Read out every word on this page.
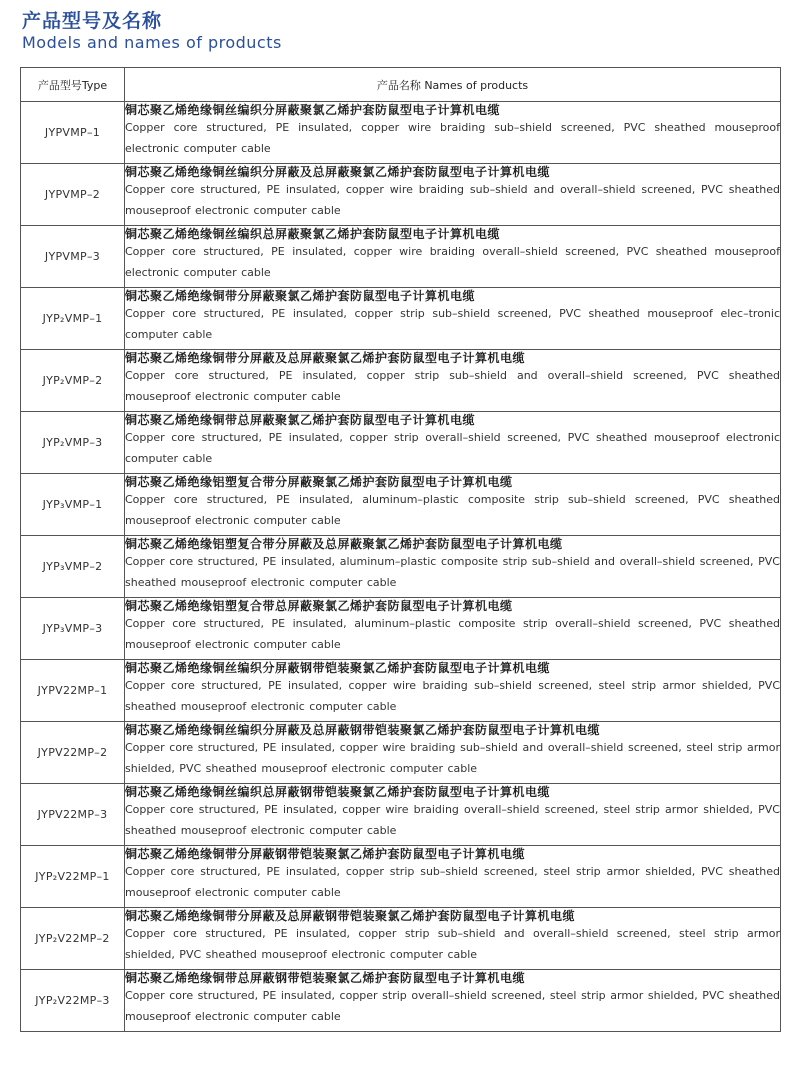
产品型号及名称
Models and names of products
产品型号Type	产品名称 Names of products
JYPVMP–1	铜芯聚乙烯绝缘铜丝编织分屏蔽聚氯乙烯护套防鼠型电子计算机电缆
Copper core structured, PE insulated, copper wire braiding sub–shield screened, PVC sheathed mouseproof electronic computer cable

JYPVMP–2	铜芯聚乙烯绝缘铜丝编织分屏蔽及总屏蔽聚氯乙烯护套防鼠型电子计算机电缆
Copper core structured, PE insulated, copper wire braiding sub–shield and overall–shield screened, PVC sheathed mouseproof electronic computer cable

JYPVMP–3	铜芯聚乙烯绝缘铜丝编织总屏蔽聚氯乙烯护套防鼠型电子计算机电缆
Copper core structured, PE insulated, copper wire braiding overall–shield screened, PVC sheathed mouseproof electronic computer cable

JYP₂VMP–1	铜芯聚乙烯绝缘铜带分屏蔽聚氯乙烯护套防鼠型电子计算机电缆
Copper core structured, PE insulated, copper strip sub–shield screened, PVC sheathed mouseproof elec–tronic computer cable

JYP₂VMP–2	铜芯聚乙烯绝缘铜带分屏蔽及总屏蔽聚氯乙烯护套防鼠型电子计算机电缆
Copper core structured, PE insulated, copper strip sub–shield and overall–shield screened, PVC sheathed mouseproof electronic computer cable

JYP₂VMP–3	铜芯聚乙烯绝缘铜带总屏蔽聚氯乙烯护套防鼠型电子计算机电缆
Copper core structured, PE insulated, copper strip overall–shield screened, PVC sheathed mouseproof electronic computer cable

JYP₃VMP–1	铜芯聚乙烯绝缘铝塑复合带分屏蔽聚氯乙烯护套防鼠型电子计算机电缆
Copper core structured, PE insulated, aluminum–plastic composite strip sub–shield screened, PVC sheathed mouseproof electronic computer cable

JYP₃VMP–2	铜芯聚乙烯绝缘铝塑复合带分屏蔽及总屏蔽聚氯乙烯护套防鼠型电子计算机电缆
Copper core structured, PE insulated, aluminum–plastic composite strip sub–shield and overall–shield screened, PVC sheathed mouseproof electronic computer cable

JYP₃VMP–3	铜芯聚乙烯绝缘铝塑复合带总屏蔽聚氯乙烯护套防鼠型电子计算机电缆
Copper core structured, PE insulated, aluminum–plastic composite strip overall–shield screened, PVC sheathed mouseproof electronic computer cable

JYPV22MP–1	铜芯聚乙烯绝缘铜丝编织分屏蔽钢带铠装聚氯乙烯护套防鼠型电子计算机电缆
Copper core structured, PE insulated, copper wire braiding sub–shield screened, steel strip armor shielded, PVC sheathed mouseproof electronic computer cable

JYPV22MP–2	铜芯聚乙烯绝缘铜丝编织分屏蔽及总屏蔽钢带铠装聚氯乙烯护套防鼠型电子计算机电缆
Copper core structured, PE insulated, copper wire braiding sub–shield and overall–shield screened, steel strip armor shielded, PVC sheathed mouseproof electronic computer cable

JYPV22MP–3	铜芯聚乙烯绝缘铜丝编织总屏蔽钢带铠装聚氯乙烯护套防鼠型电子计算机电缆
Copper core structured, PE insulated, copper wire braiding overall–shield screened, steel strip armor shielded, PVC sheathed mouseproof electronic computer cable

JYP₂V22MP–1	铜芯聚乙烯绝缘铜带分屏蔽钢带铠装聚氯乙烯护套防鼠型电子计算机电缆
Copper core structured, PE insulated, copper strip sub–shield screened, steel strip armor shielded, PVC sheathed mouseproof electronic computer cable

JYP₂V22MP–2	铜芯聚乙烯绝缘铜带分屏蔽及总屏蔽钢带铠装聚氯乙烯护套防鼠型电子计算机电缆
Copper core structured, PE insulated, copper strip sub–shield and overall–shield screened, steel strip armor shielded, PVC sheathed mouseproof electronic computer cable

JYP₂V22MP–3	铜芯聚乙烯绝缘铜带总屏蔽钢带铠装聚氯乙烯护套防鼠型电子计算机电缆
Copper core structured, PE insulated, copper strip overall–shield screened, steel strip armor shielded, PVC sheathed mouseproof electronic computer cable
